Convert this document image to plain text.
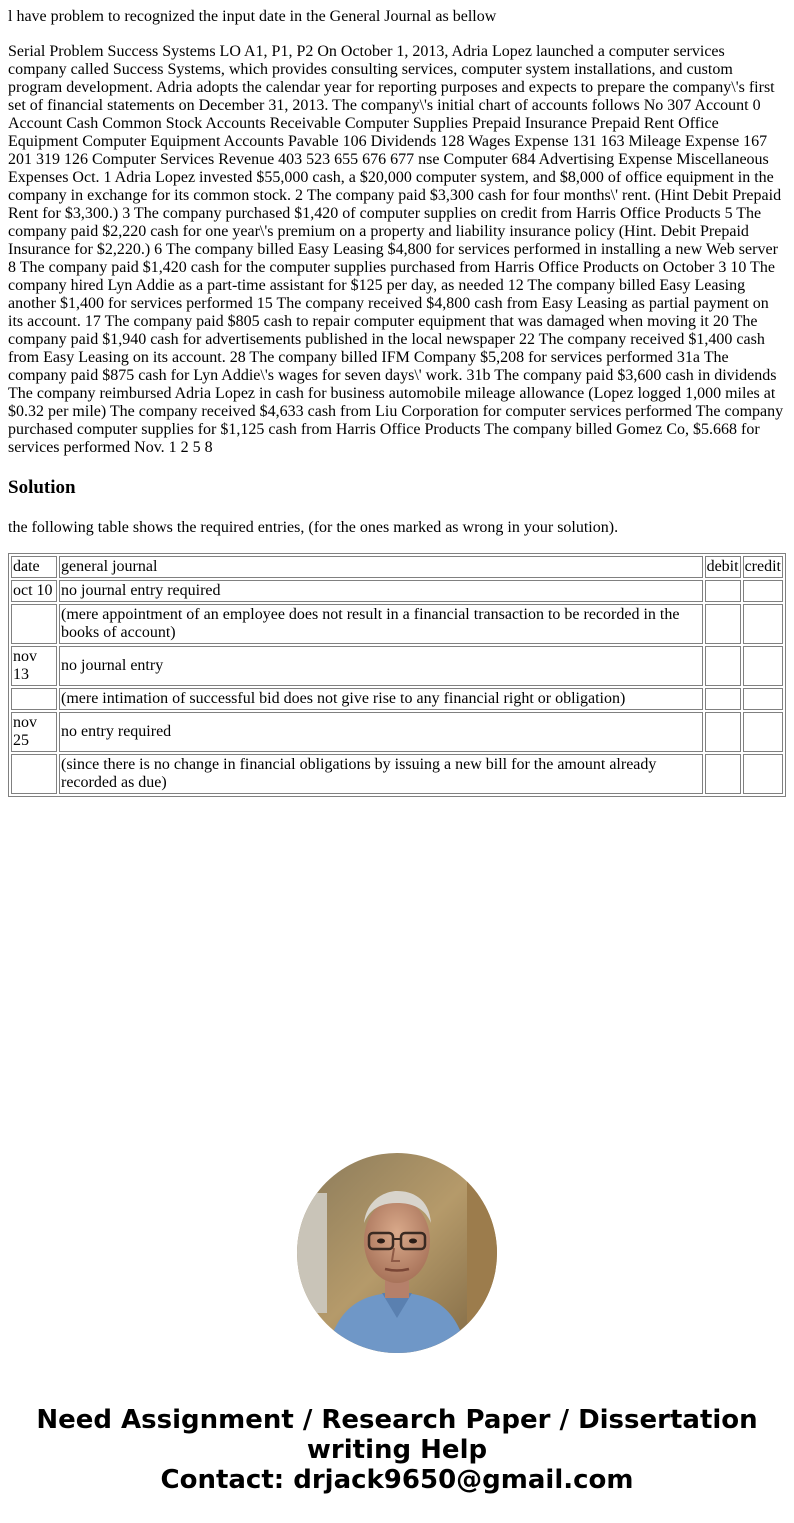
l have problem to recognized the input date in the General Journal as bellow

Serial Problem Success Systems LO A1, P1, P2 On October 1, 2013, Adria Lopez launched a computer services company called Success Systems, which provides consulting services, computer system installations, and custom program development. Adria adopts the calendar year for reporting purposes and expects to prepare the company\'s first set of financial statements on December 31, 2013. The company\'s initial chart of accounts follows No 307 Account 0 Account Cash Common Stock Accounts Receivable Computer Supplies Prepaid Insurance Prepaid Rent Office Equipment Computer Equipment Accounts Pavable 106 Dividends 128 Wages Expense 131 163 Mileage Expense 167 201 319 126 Computer Services Revenue 403 523 655 676 677 nse Computer 684 Advertising Expense Miscellaneous Expenses Oct. 1 Adria Lopez invested $55,000 cash, a $20,000 computer system, and $8,000 of office equipment in the company in exchange for its common stock. 2 The company paid $3,300 cash for four months\' rent. (Hint Debit Prepaid Rent for $3,300.) 3 The company purchased $1,420 of computer supplies on credit from Harris Office Products 5 The company paid $2,220 cash for one year\'s premium on a property and liability insurance policy (Hint. Debit Prepaid Insurance for $2,220.) 6 The company billed Easy Leasing $4,800 for services performed in installing a new Web server 8 The company paid $1,420 cash for the computer supplies purchased from Harris Office Products on October 3 10 The company hired Lyn Addie as a part-time assistant for $125 per day, as needed 12 The company billed Easy Leasing another $1,400 for services performed 15 The company received $4,800 cash from Easy Leasing as partial payment on its account. 17 The company paid $805 cash to repair computer equipment that was damaged when moving it 20 The company paid $1,940 cash for advertisements published in the local newspaper 22 The company received $1,400 cash from Easy Leasing on its account. 28 The company billed IFM Company $5,208 for services performed 31a The company paid $875 cash for Lyn Addie\'s wages for seven days\' work. 31b The company paid $3,600 cash in dividends The company reimbursed Adria Lopez in cash for business automobile mileage allowance (Lopez logged 1,000 miles at $0.32 per mile) The company received $4,633 cash from Liu Corporation for computer services performed The company purchased computer supplies for $1,125 cash from Harris Office Products The company billed Gomez Co, $5.668 for services performed Nov. 1 2 5 8

Solution

the following table shows the required entries, (for the ones marked as wrong in your solution).

date	general journal	debit	credit
oct 10	no journal entry required		
	(mere appointment of an employee does not result in a financial transaction to be recorded in the books of account)		
nov 13	no journal entry		
	(mere intimation of successful bid does not give rise to any financial right or obligation)		
nov 25	no entry required		
	(since there is no change in financial obligations by issuing a new bill for the amount already recorded as due)		
Need Assignment / Research Paper / Dissertation writing Help
Contact: drjack9650@gmail.com
